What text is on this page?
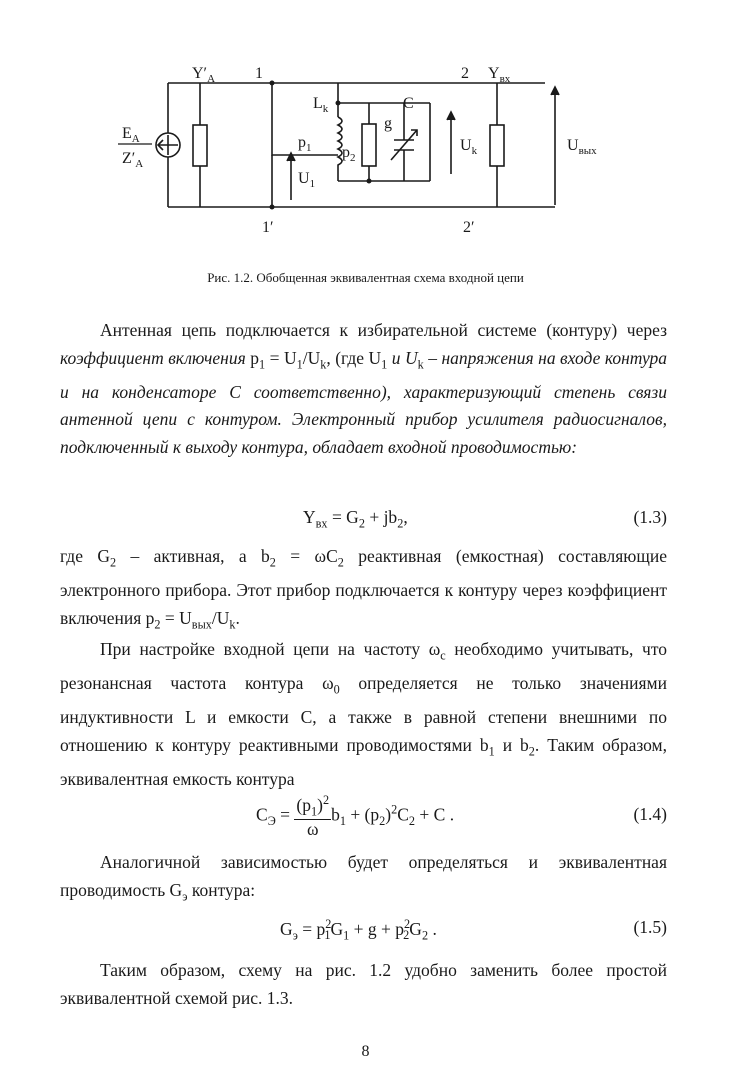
$Y'_A$ 1	2 $Y_{вх}$
$L_k$	C
g
$p_1$ $p_2$
$U_k$
$U_1$
$U_{вых}$
$E_A$
$Z'_A$
1′	2′
Рис. 1.2. Обобщенная эквивалентная схема входной цепи

Антенная цепь подключается к избирательной системе (контуру) через коэффициент включения $p_1 = U_1/U_k$, (где $U_1$ и $U_k$ – напряжения на входе контура и на конденсаторе С соответственно), характеризующий степень связи антенной цепи с контуром. Электронный прибор усилителя радиосигналов, подключенный к выходу контура, обладает входной проводимостью:

$Y_{вх} = G_2 + jb_2$,	(1.3)

где $G_2$ – активная, а $b_2 = \omega C_2$ реактивная (емкостная) составляющие электронного прибора. Этот прибор подключается к контуру через коэффициент включения $p_2 = U_{вых}/U_k$.

При настройке входной цепи на частоту $\omega_с$ необходимо учитывать, что резонансная частота контура $\omega_0$ определяется не только значениями индуктивности L и емкости С, а также в равной степени внешними по отношению к контуру реактивными проводимостями $b_1$ и $b_2$. Таким образом, эквивалентная емкость контура

$C_Э = \frac{(p_1)^2}{\omega} b_1 + (p_2)^2C_2 + C$ .	(1.4)

Аналогичной зависимостью будет определяться и эквивалентная проводимость $G_э$ контура:

$G_э = p^2_1G_1 + g + p^2_2G_2$ .	(1.5)

Таким образом, схему на рис. 1.2 удобно заменить более простой эквивалентной схемой рис. 1.3.

8
